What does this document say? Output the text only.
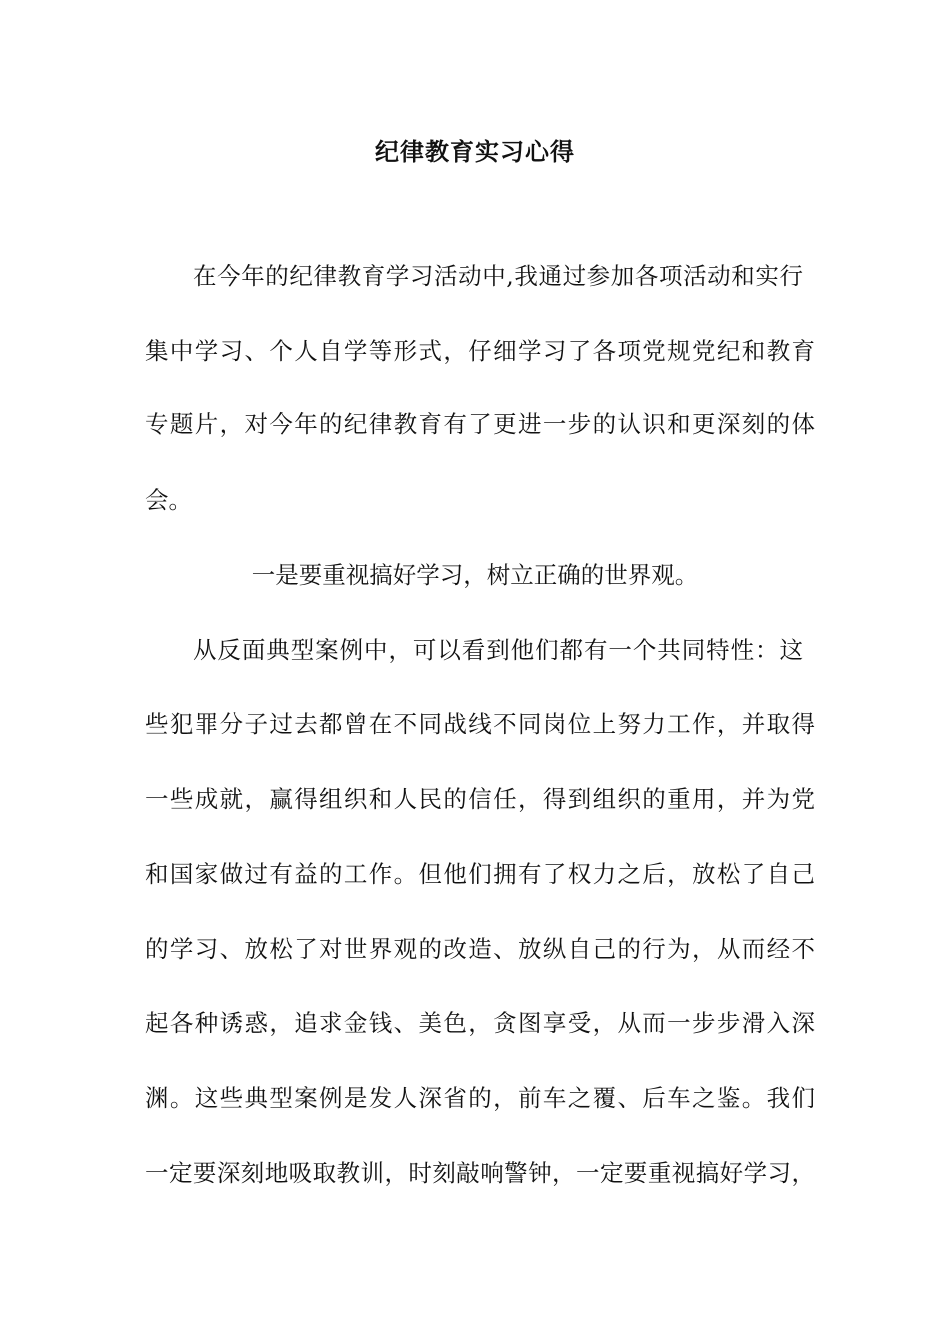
纪律教育实习心得
在今年的纪律教育学习活动中,我通过参加各项活动和实行
集中学习、个人自学等形式，仔细学习了各项党规党纪和教育
专题片，对今年的纪律教育有了更进一步的认识和更深刻的体
会。
一是要重视搞好学习，树立正确的世界观。
从反面典型案例中，可以看到他们都有一个共同特性：这
些犯罪分子过去都曾在不同战线不同岗位上努力工作，并取得
一些成就，赢得组织和人民的信任，得到组织的重用，并为党
和国家做过有益的工作。但他们拥有了权力之后，放松了自己
的学习、放松了对世界观的改造、放纵自己的行为，从而经不
起各种诱惑，追求金钱、美色，贪图享受，从而一步步滑入深
渊。这些典型案例是发人深省的，前车之覆、后车之鉴。我们
一定要深刻地吸取教训，时刻敲响警钟，一定要重视搞好学习，
